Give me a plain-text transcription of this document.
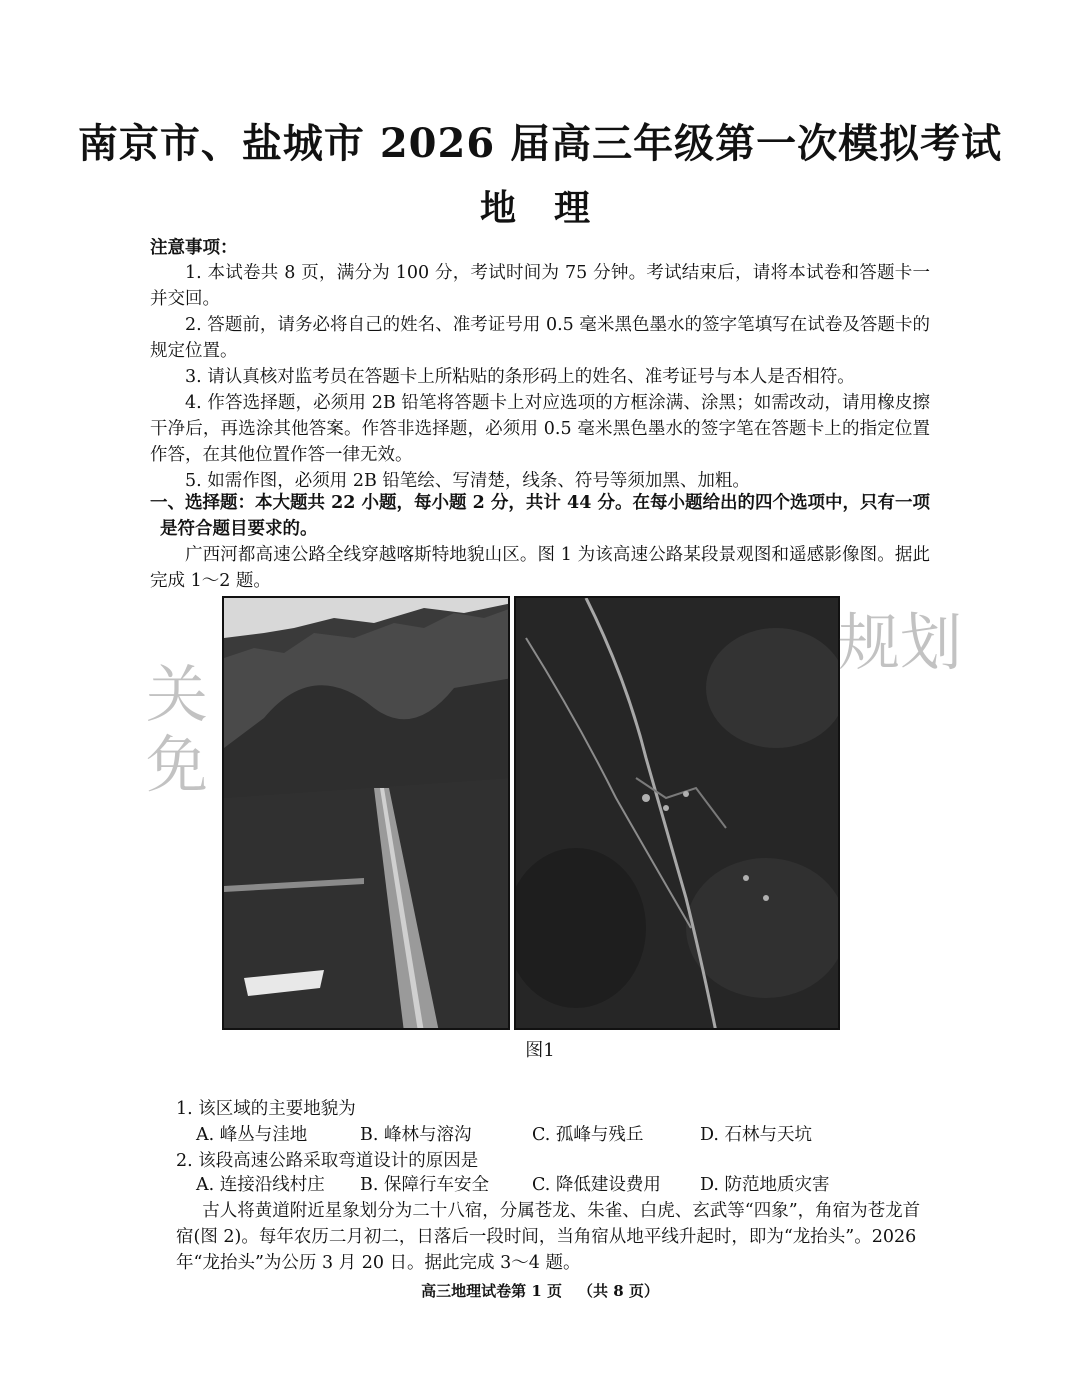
南京市、盐城市 2026 届高三年级第一次模拟考试
地 理
注意事项：

1. 本试卷共 8 页，满分为 100 分，考试时间为 75 分钟。考试结束后，请将本试卷和答题卡一并交回。

2. 答题前，请务必将自己的姓名、准考证号用 0.5 毫米黑色墨水的签字笔填写在试卷及答题卡的规定位置。

3. 请认真核对监考员在答题卡上所粘贴的条形码上的姓名、准考证号与本人是否相符。

4. 作答选择题，必须用 2B 铅笔将答题卡上对应选项的方框涂满、涂黑；如需改动，请用橡皮擦干净后，再选涂其他答案。作答非选择题，必须用 0.5 毫米黑色墨水的签字笔在答题卡上的指定位置作答，在其他位置作答一律无效。

5. 如需作图，必须用 2B 铅笔绘、写清楚，线条、符号等须加黑、加粗。

一、选择题：本大题共 22 小题，每小题 2 分，共计 44 分。在每小题给出的四个选项中，只有一项是符合题目要求的。

广西河都高速公路全线穿越喀斯特地貌山区。图 1 为该高速公路某段景观图和遥感影像图。据此完成 1～2 题。

图1
1. 该区域的主要地貌为
A. 峰丛与洼地	B. 峰林与溶沟	C. 孤峰与残丘	D. 石林与天坑
2. 该段高速公路采取弯道设计的原因是
A. 连接沿线村庄	B. 保障行车安全	C. 降低建设费用	D. 防范地质灾害

古人将黄道附近星象划分为二十八宿，分属苍龙、朱雀、白虎、玄武等“四象”，角宿为苍龙首宿(图 2)。每年农历二月初二，日落后一段时间，当角宿从地平线升起时，即为“龙抬头”。2026 年“龙抬头”为公历 3 月 20 日。据此完成 3～4 题。

高三地理试卷第 1 页 （共 8 页）
关
免
规划
